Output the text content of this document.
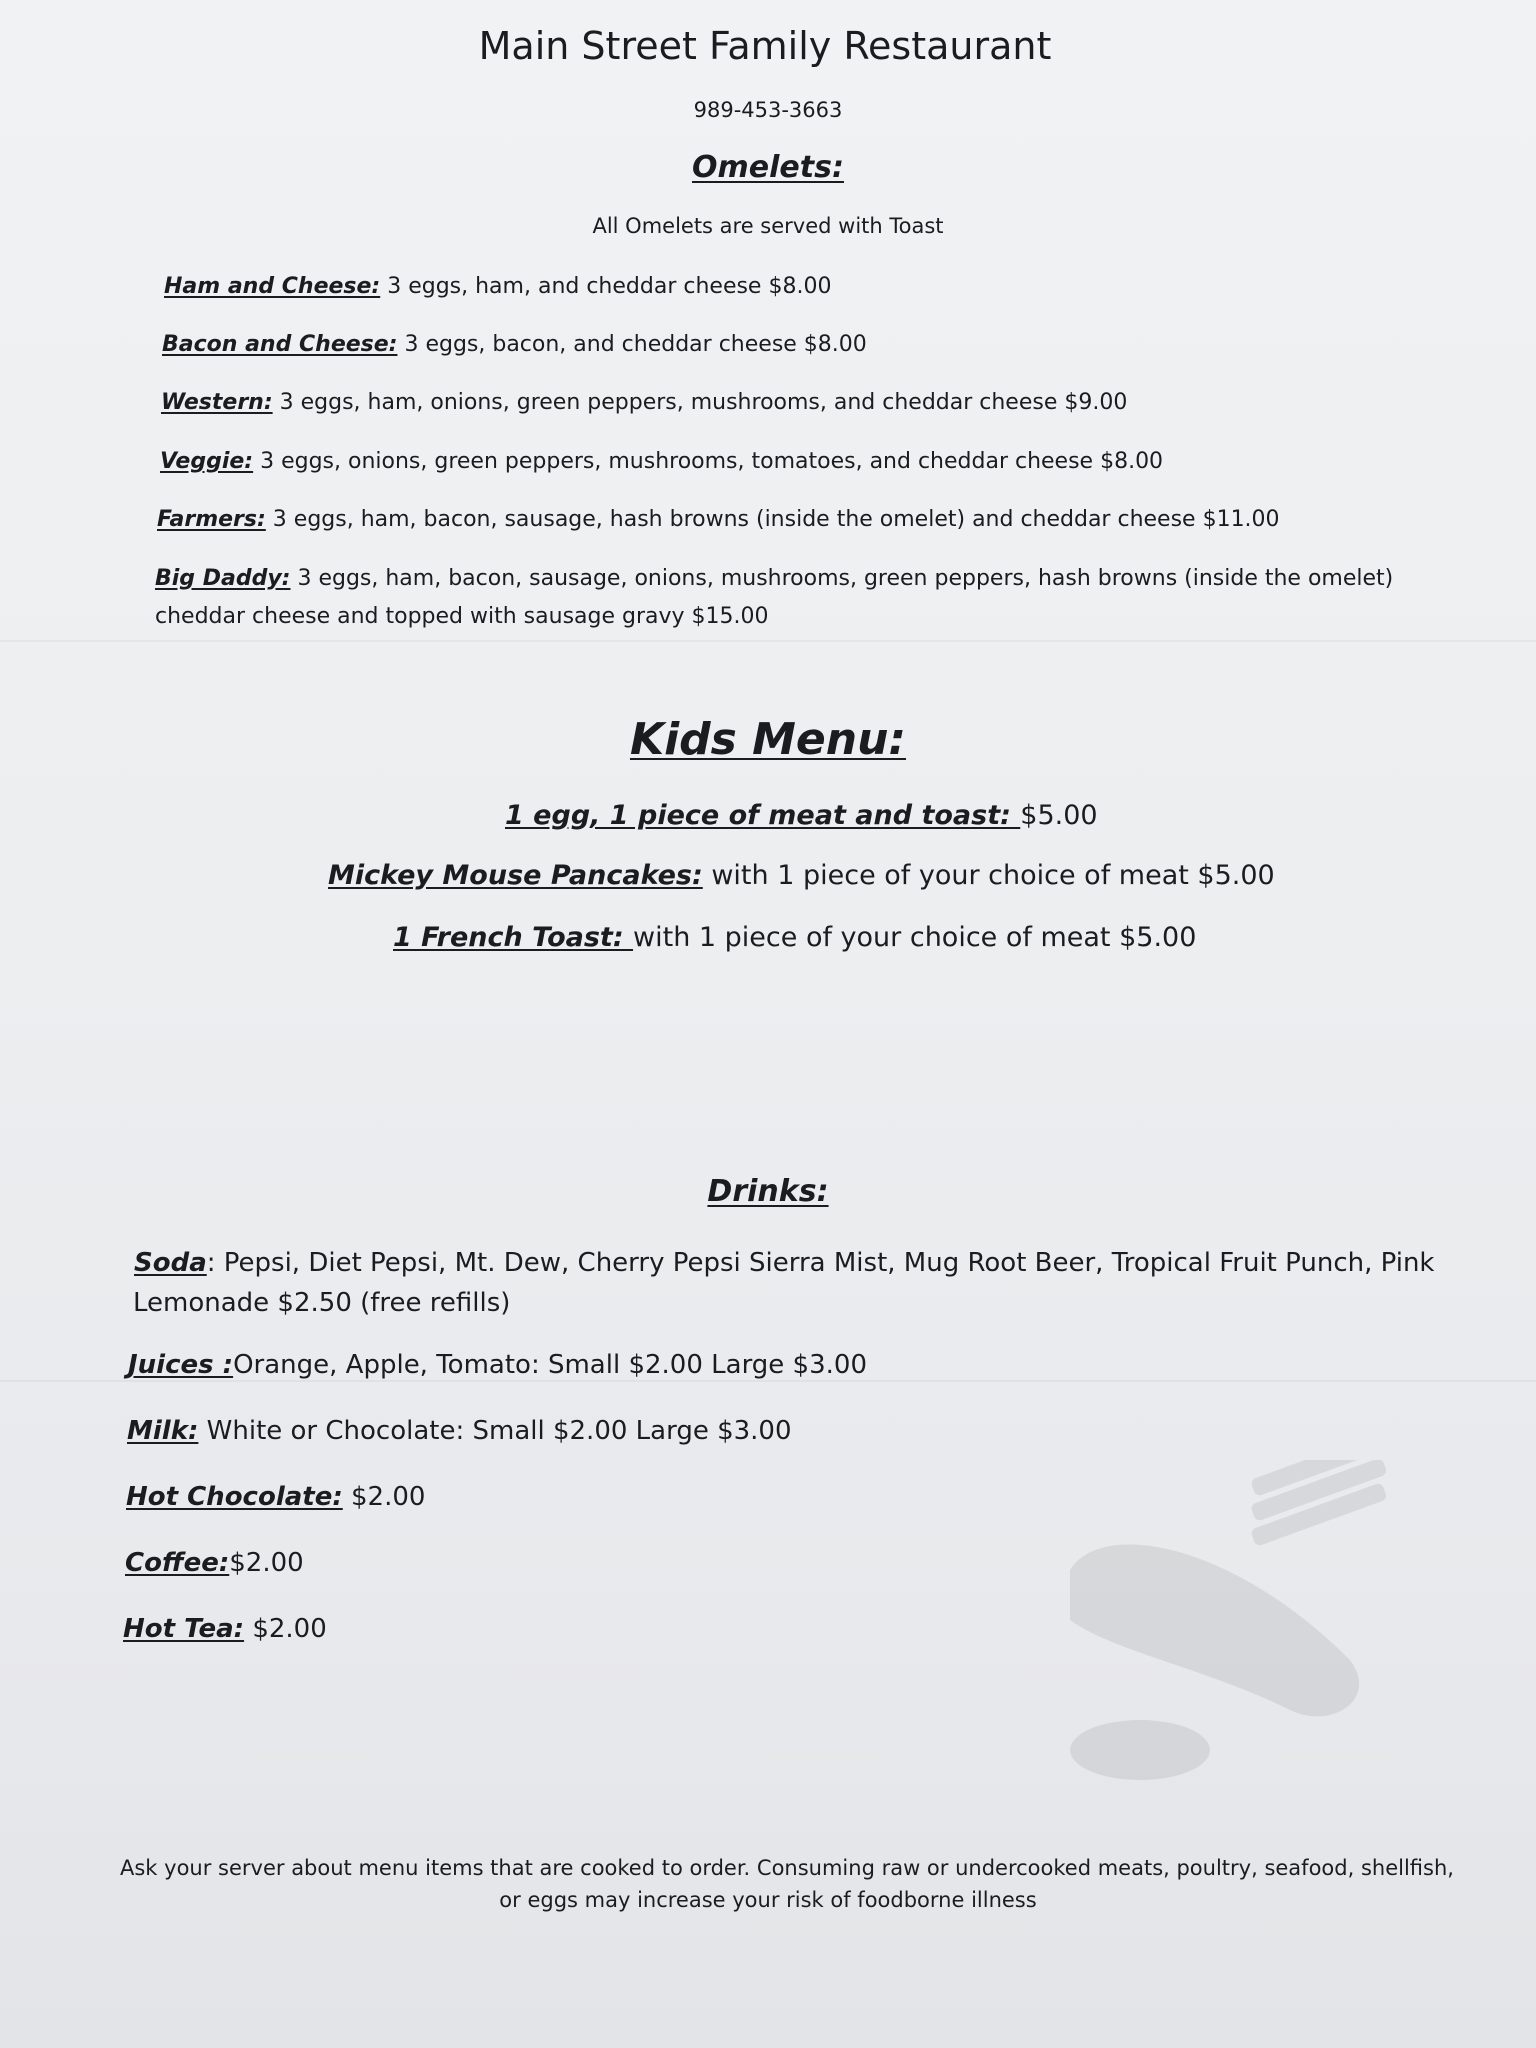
Main Street Family Restaurant
989-453-3663
Omelets:
All Omelets are served with Toast
Ham and Cheese: 3 eggs, ham, and cheddar cheese $8.00
Bacon and Cheese: 3 eggs, bacon, and cheddar cheese $8.00
Western: 3 eggs, ham, onions, green peppers, mushrooms, and cheddar cheese $9.00
Veggie: 3 eggs, onions, green peppers, mushrooms, tomatoes, and cheddar cheese $8.00
Farmers: 3 eggs, ham, bacon, sausage, hash browns (inside the omelet) and cheddar cheese $11.00
Big Daddy: 3 eggs, ham, bacon, sausage, onions, mushrooms, green peppers, hash browns (inside the omelet)
cheddar cheese and topped with sausage gravy $15.00
Kids Menu:
1 egg, 1 piece of meat and toast: $5.00
Mickey Mouse Pancakes: with 1 piece of your choice of meat $5.00
1 French Toast: with 1 piece of your choice of meat $5.00
Drinks:
Soda: Pepsi, Diet Pepsi, Mt. Dew, Cherry Pepsi Sierra Mist, Mug Root Beer, Tropical Fruit Punch, Pink
Lemonade $2.50 (free refills)
Juices :Orange, Apple, Tomato: Small $2.00 Large $3.00
Milk: White or Chocolate: Small $2.00 Large $3.00
Hot Chocolate: $2.00
Coffee:$2.00
Hot Tea: $2.00
Ask your server about menu items that are cooked to order. Consuming raw or undercooked meats, poultry, seafood, shellfish,
or eggs may increase your risk of foodborne illness
